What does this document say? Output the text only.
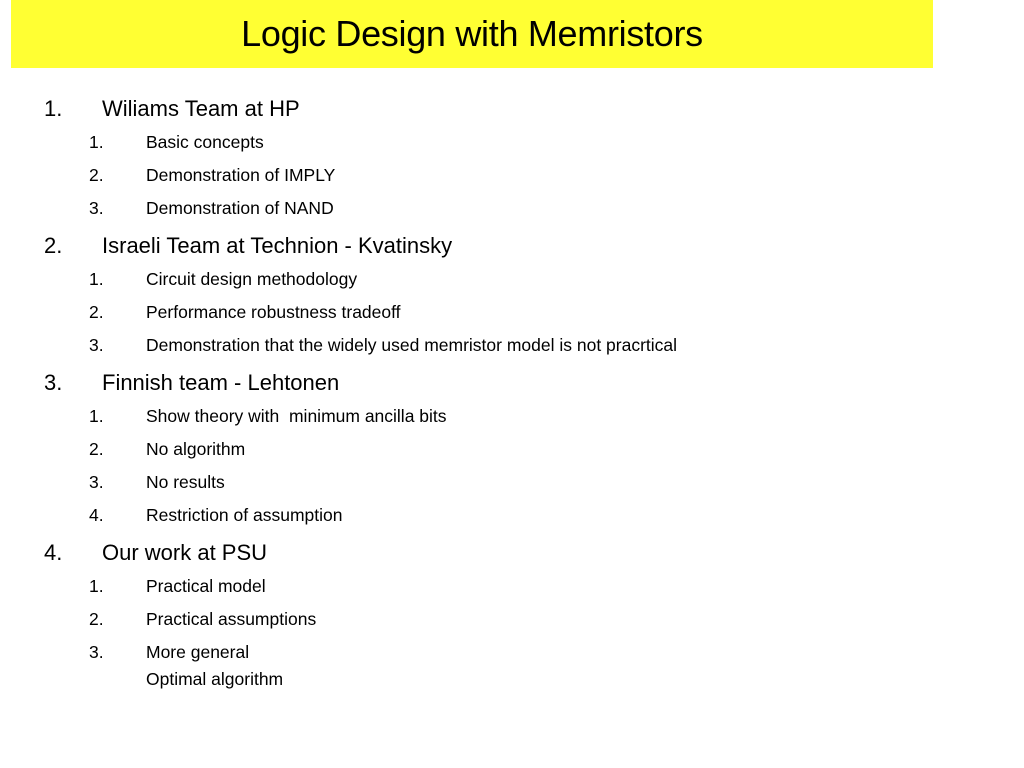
Logic Design with Memristors
1.	Wiliams Team at HP
1.	Basic concepts
2.	Demonstration of IMPLY
3.	Demonstration of NAND
2.	Israeli Team at Technion - Kvatinsky
1.	Circuit design methodology
2.	Performance robustness tradeoff
3.	Demonstration that the widely used memristor model is not pracrtical
3.	Finnish team - Lehtonen
1.	Show theory with  minimum ancilla bits
2.	No algorithm
3.	No results
4.	Restriction of assumption
4.	Our work at PSU
1.	Practical model
2.	Practical assumptions
3.	More general
Optimal algorithm
